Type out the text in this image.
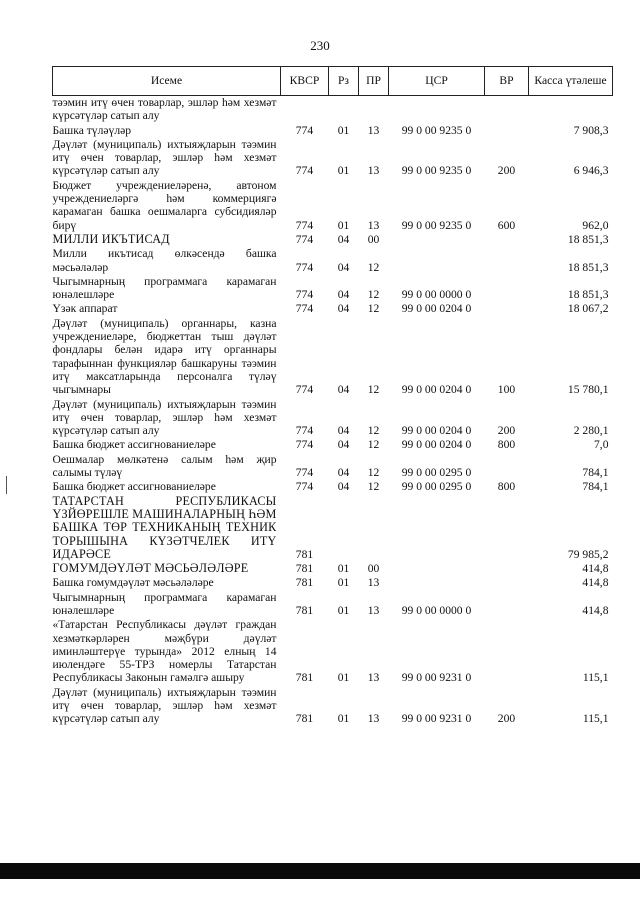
230
Исеме	КВСР	Рз	ПР	ЦСР	ВР	Касса үтәлеше
тәэмин итү өчен товарлар, эшләр һәм хезмәт күрсәтүләр сатып алу						
Башка түләүләр	774	01	13	99 0 00 9235 0		7 908,3
Дәүләт (муниципаль) ихтыяҗларын тәэмин итү өчен товарлар, эшләр һәм хезмәт күрсәтүләр сатып алу	774	01	13	99 0 00 9235 0	200	6 946,3
Бюджет учреждениеләренә, автоном учреждениеләргә һәм коммерциягә карамаган башка оешмаларга субсидияләр бирү	774	01	13	99 0 00 9235 0	600	962,0
МИЛЛИ ИКЪТИСАД	774	04	00			18 851,3
Милли икътисад өлкәсендә башка мәсьәләләр	774	04	12			18 851,3
Чыгымнарның программага карамаган юнәлешләре	774	04	12	99 0 00 0000 0		18 851,3
Үзәк аппарат	774	04	12	99 0 00 0204 0		18 067,2
Дәүләт (муниципаль) органнары, казна учреждениеләре, бюджеттан тыш дәүләт фондлары белән идарә итү органнары тарафыннан функцияләр башкаруны тәэмин итү максатларында персоналга түләү чыгымнары	774	04	12	99 0 00 0204 0	100	15 780,1
Дәүләт (муниципаль) ихтыяҗларын тәэмин итү өчен товарлар, эшләр һәм хезмәт күрсәтүләр сатып алу	774	04	12	99 0 00 0204 0	200	2 280,1
Башка бюджет ассигнованиеләре	774	04	12	99 0 00 0204 0	800	7,0
Оешмалар мөлкәтенә салым һәм җир салымы түләү	774	04	12	99 0 00 0295 0		784,1
Башка бюджет ассигнованиеләре	774	04	12	99 0 00 0295 0	800	784,1
ТАТАРСТАН РЕСПУБЛИКАСЫ ҮЗЙӨРЕШЛЕ МАШИНАЛАРНЫҢ ҺӘМ БАШКА ТӨР ТЕХНИКАНЫҢ ТЕХНИК ТОРЫШЫНА КҮЗӘТЧЕЛЕК ИТҮ ИДАРӘСЕ	781					79 985,2
ГОМУМДӘҮЛӘТ МӘСЬӘЛӘЛӘРЕ	781	01	00			414,8
Башка гомумдәүләт мәсьәләләре	781	01	13			414,8
Чыгымнарның программага карамаган юнәлешләре	781	01	13	99 0 00 0000 0		414,8
«Татарстан Республикасы дәүләт граждан хезмәткәрләрен мәҗбүри дәүләт иминләштерүе турында» 2012 елның 14 июлендәге 55-ТРЗ номерлы Татарстан Республикасы Законын гамәлгә ашыру	781	01	13	99 0 00 9231 0		115,1
Дәүләт (муниципаль) ихтыяҗларын тәэмин итү өчен товарлар, эшләр һәм хезмәт күрсәтүләр сатып алу	781	01	13	99 0 00 9231 0	200	115,1
